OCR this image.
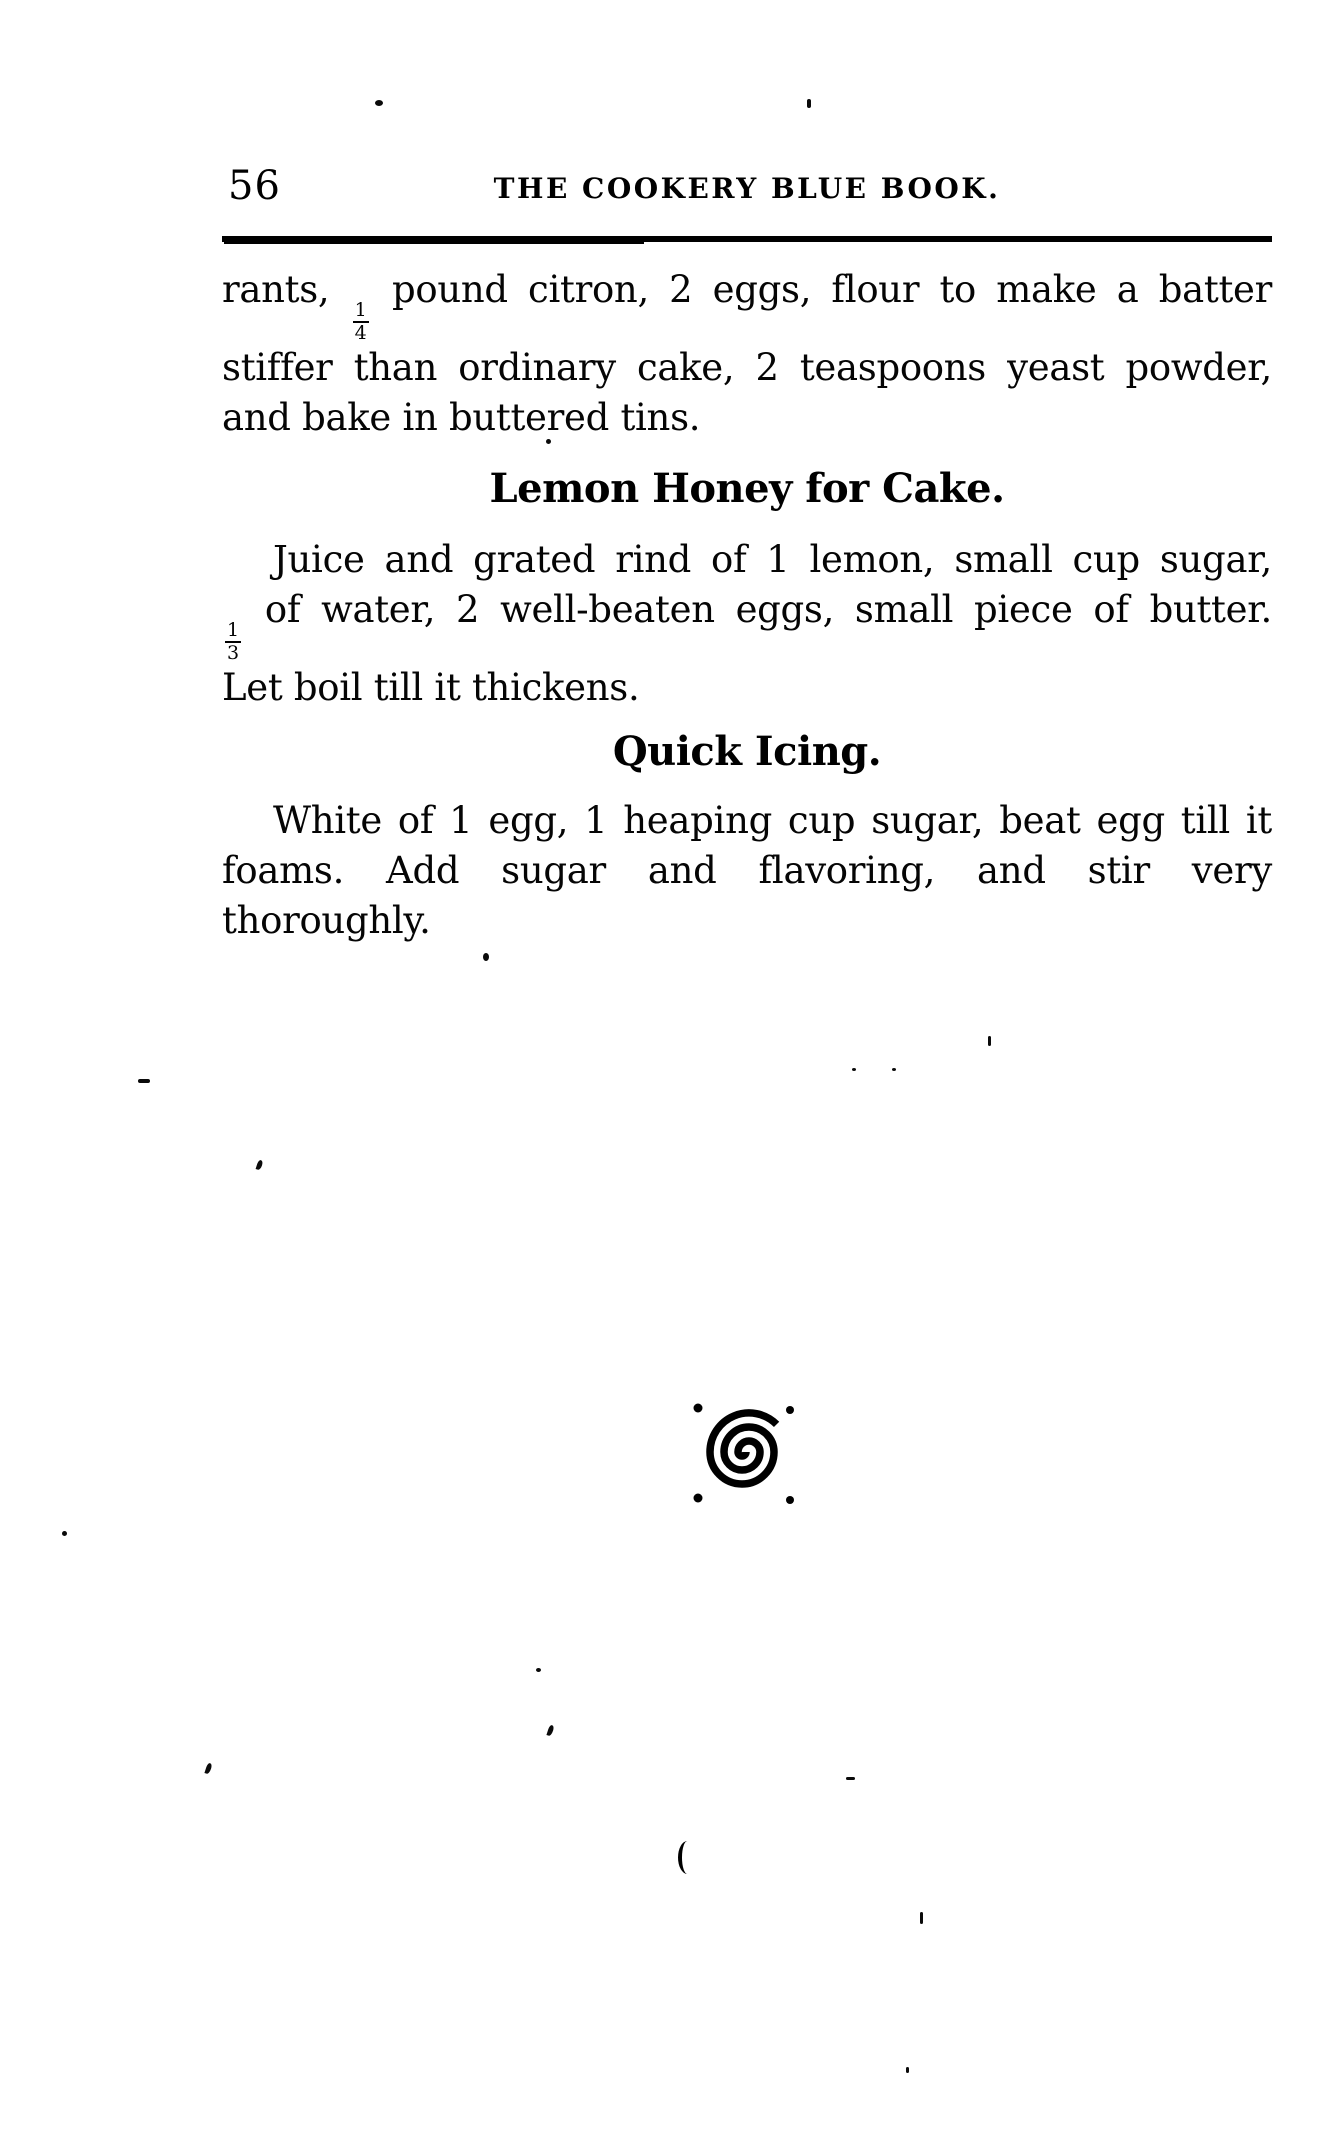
56	THE COOKERY BLUE BOOK.
rants,
$\frac{1}{4}$
pound citron, 2 eggs, flour to make a batter
stiffer than ordinary cake, 2 teaspoons yeast powder,
and bake in buttered tins.
Lemon Honey for Cake.
Juice and grated rind of 1 lemon, small cup sugar,
$\frac{1}{3}$
of water, 2 well-beaten eggs, small piece of butter.
Let boil till it thickens.
Quick Icing.
White of 1 egg, 1 heaping cup sugar, beat egg till it
foams. Add sugar and flavoring, and stir very
thoroughly.
